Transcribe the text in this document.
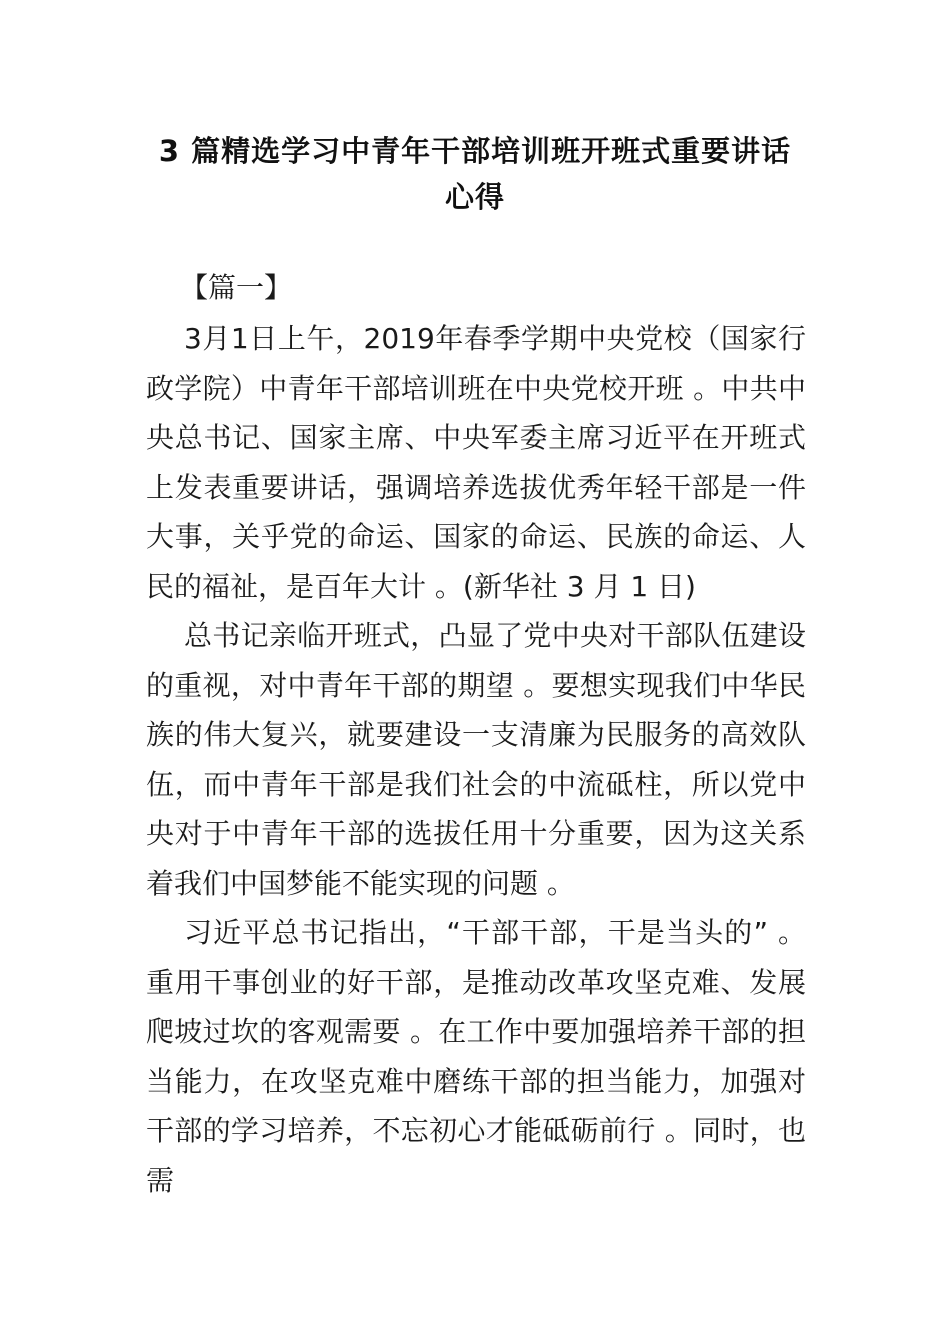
3 篇精选学习中青年干部培训班开班式重要讲话
心得
【篇一】

3月1日上午，2019年春季学期中央党校（国家行政学院）中青年干部培训班在中央党校开班 。中共中央总书记、国家主席、中央军委主席习近平在开班式上发表重要讲话，强调培养选拔优秀年轻干部是一件大事，关乎党的命运、国家的命运、民族的命运、人民的福祉，是百年大计 。(新华社 3 月 1 日)

总书记亲临开班式，凸显了党中央对干部队伍建设的重视，对中青年干部的期望 。要想实现我们中华民族的伟大复兴，就要建设一支清廉为民服务的高效队伍，而中青年干部是我们社会的中流砥柱，所以党中央对于中青年干部的选拔任用十分重要，因为这关系着我们中国梦能不能实现的问题 。

习近平总书记指出，“干部干部，干是当头的” 。重用干事创业的好干部，是推动改革攻坚克难、发展爬坡过坎的客观需要 。在工作中要加强培养干部的担当能力，在攻坚克难中磨练干部的担当能力，加强对干部的学习培养，不忘初心才能砥砺前行 。同时，也需
